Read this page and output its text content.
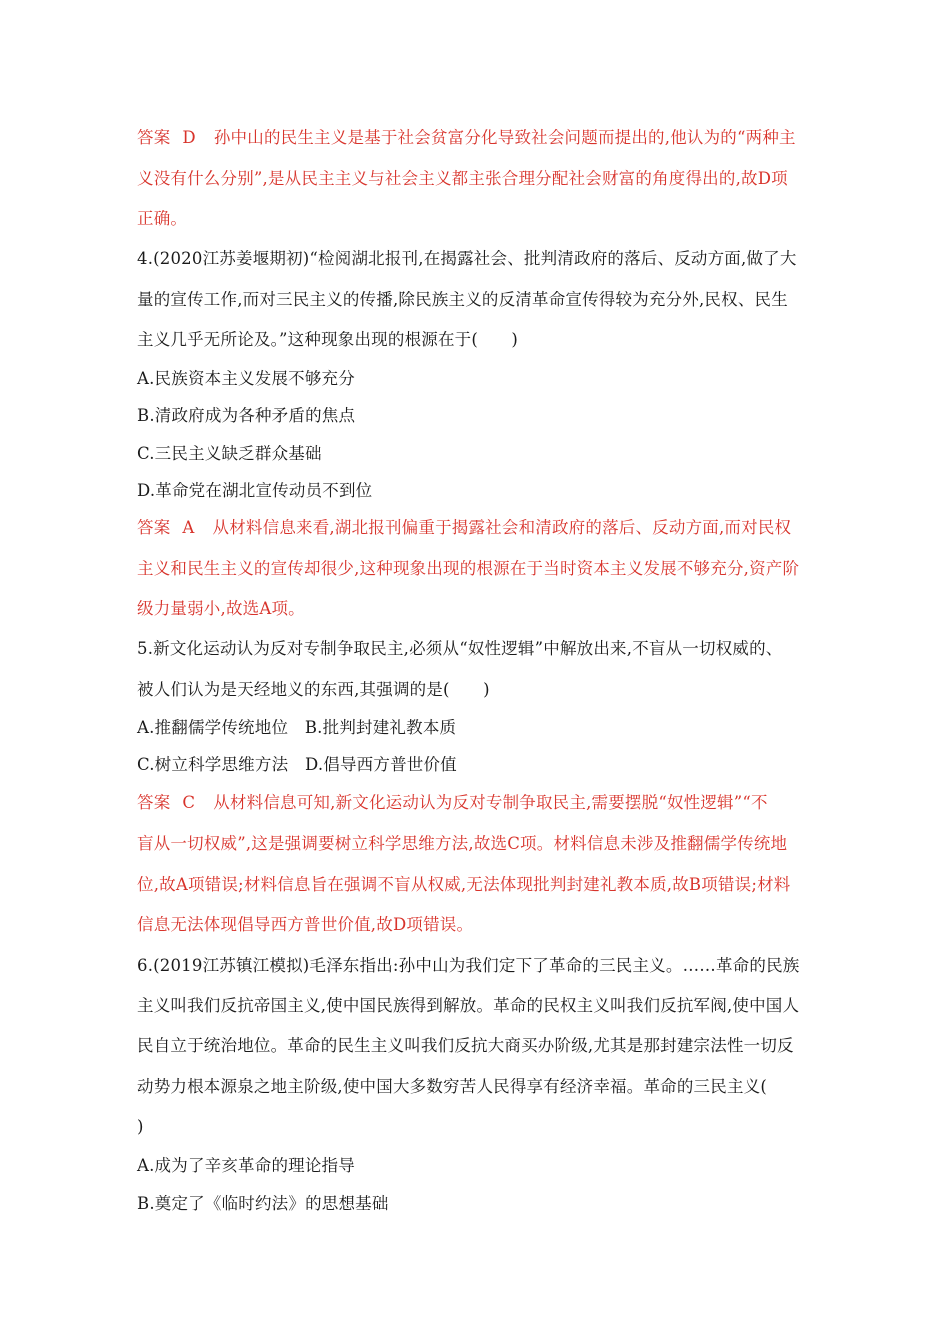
答案 D 孙中山的民生主义是基于社会贫富分化导致社会问题而提出的,他认为的“两种主
义没有什么分别”,是从民主主义与社会主义都主张合理分配社会财富的角度得出的,故D项
正确。
4.(2020江苏姜堰期初)“检阅湖北报刊,在揭露社会、批判清政府的落后、反动方面,做了大
量的宣传工作,而对三民主义的传播,除民族主义的反清革命宣传得较为充分外,民权、民生
主义几乎无所论及。”这种现象出现的根源在于(　　)
A.民族资本主义发展不够充分
B.清政府成为各种矛盾的焦点
C.三民主义缺乏群众基础
D.革命党在湖北宣传动员不到位
答案 A 从材料信息来看,湖北报刊偏重于揭露社会和清政府的落后、反动方面,而对民权
主义和民生主义的宣传却很少,这种现象出现的根源在于当时资本主义发展不够充分,资产阶
级力量弱小,故选A项。
5.新文化运动认为反对专制争取民主,必须从“奴性逻辑”中解放出来,不盲从一切权威的、
被人们认为是天经地义的东西,其强调的是(　　)
A.推翻儒学传统地位　B.批判封建礼教本质
C.树立科学思维方法　D.倡导西方普世价值
答案 C 从材料信息可知,新文化运动认为反对专制争取民主,需要摆脱“奴性逻辑”“不
盲从一切权威”,这是强调要树立科学思维方法,故选C项。材料信息未涉及推翻儒学传统地
位,故A项错误;材料信息旨在强调不盲从权威,无法体现批判封建礼教本质,故B项错误;材料
信息无法体现倡导西方普世价值,故D项错误。
6.(2019江苏镇江模拟)毛泽东指出:孙中山为我们定下了革命的三民主义。……革命的民族
主义叫我们反抗帝国主义,使中国民族得到解放。革命的民权主义叫我们反抗军阀,使中国人
民自立于统治地位。革命的民生主义叫我们反抗大商买办阶级,尤其是那封建宗法性一切反
动势力根本源泉之地主阶级,使中国大多数穷苦人民得享有经济幸福。革命的三民主义(
)
A.成为了辛亥革命的理论指导
B.奠定了《临时约法》的思想基础
